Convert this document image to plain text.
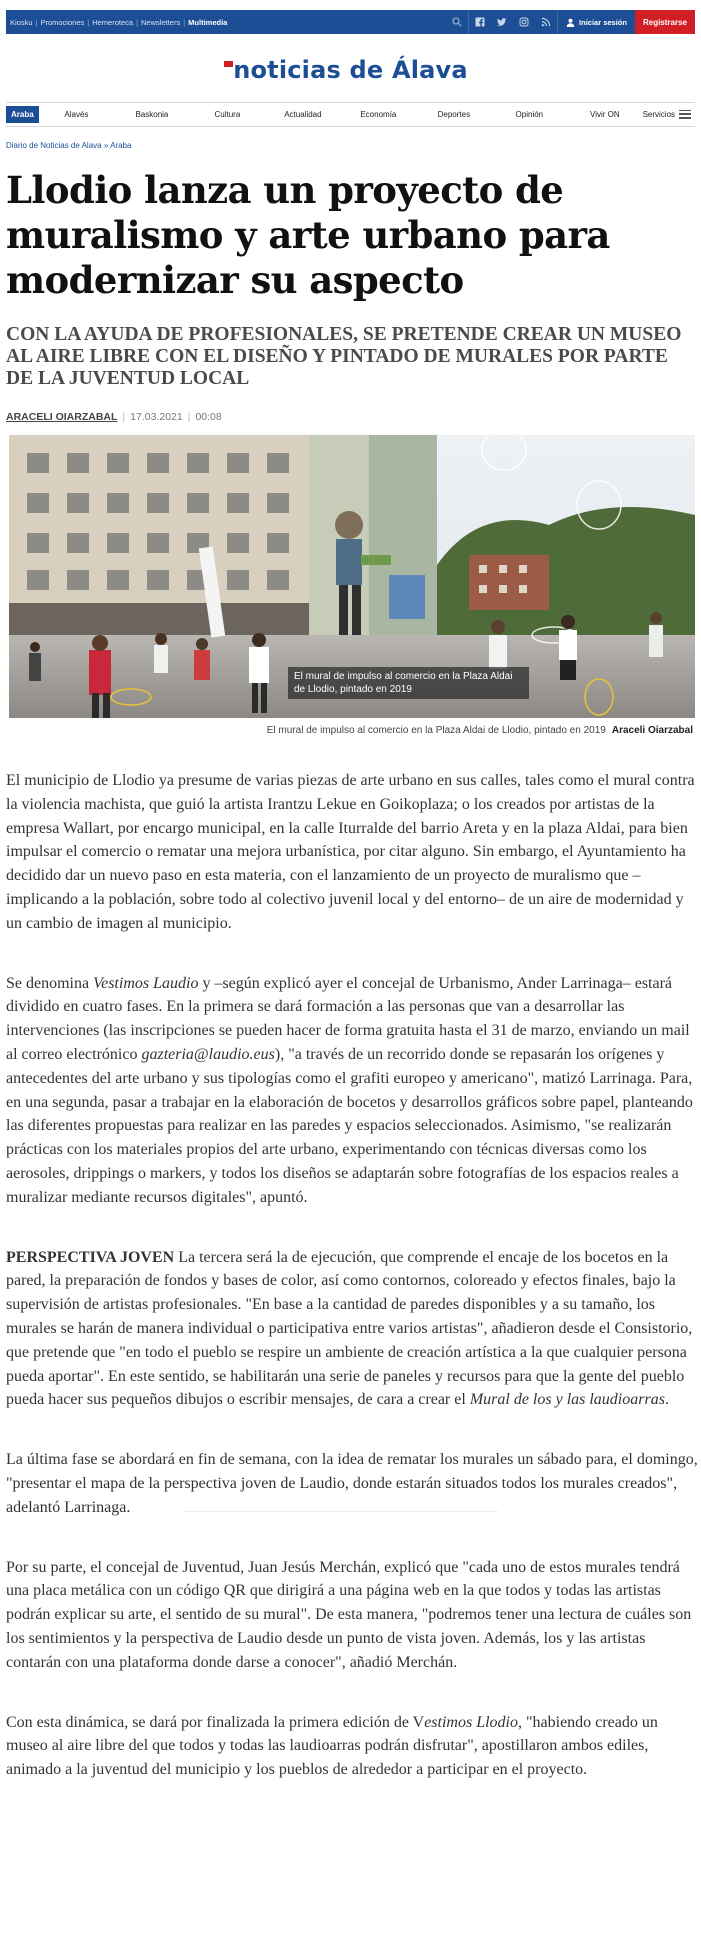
Kiosku | Promociones | Hemeroteca | Newsletters | Multimedia	Iniciar sesión	Registrarse
noticias de Álava
Araba	Alavés	Baskonia	Cultura	Actualidad	Economía	Deportes	Opinión	Vivir ON	Servicios
Diario de Noticias de Alava » Araba
Llodio lanza un proyecto de muralismo y arte urbano para modernizar su aspecto
CON LA AYUDA DE PROFESIONALES, SE PRETENDE CREAR UN MUSEO AL AIRE LIBRE CON EL DISEÑO Y PINTADO DE MURALES POR PARTE DE LA JUVENTUD LOCAL
ARACELI OIARZABAL | 17.03.2021 | 00:08
El mural de impulso al comercio en la Plaza Aldai de Llodio, pintado en 2019
El mural de impulso al comercio en la Plaza Aldai de Llodio, pintado en 2019 Araceli Oiarzabal

El municipio de Llodio ya presume de varias piezas de arte urbano en sus calles, tales como el mural contra la violencia machista, que guió la artista Irantzu Lekue en Goikoplaza; o los creados por artistas de la empresa Wallart, por encargo municipal, en la calle Iturralde del barrio Areta y en la plaza Aldai, para bien impulsar el comercio o rematar una mejora urbanística, por citar alguno. Sin embargo, el Ayuntamiento ha decidido dar un nuevo paso en esta materia, con el lanzamiento de un proyecto de muralismo que –implicando a la población, sobre todo al colectivo juvenil local y del entorno– de un aire de modernidad y un cambio de imagen al municipio.

Se denomina Vestimos Laudio y –según explicó ayer el concejal de Urbanismo, Ander Larrinaga– estará dividido en cuatro fases. En la primera se dará formación a las personas que van a desarrollar las intervenciones (las inscripciones se pueden hacer de forma gratuita hasta el 31 de marzo, enviando un mail al correo electrónico gazteria@laudio.eus), "a través de un recorrido donde se repasarán los orígenes y antecedentes del arte urbano y sus tipologías como el grafiti europeo y americano", matizó Larrinaga. Para, en una segunda, pasar a trabajar en la elaboración de bocetos y desarrollos gráficos sobre papel, planteando las diferentes propuestas para realizar en las paredes y espacios seleccionados. Asimismo, "se realizarán prácticas con los materiales propios del arte urbano, experimentando con técnicas diversas como los aerosoles, drippings o markers, y todos los diseños se adaptarán sobre fotografías de los espacios reales a muralizar mediante recursos digitales", apuntó.

PERSPECTIVA JOVEN La tercera será la de ejecución, que comprende el encaje de los bocetos en la pared, la preparación de fondos y bases de color, así como contornos, coloreado y efectos finales, bajo la supervisión de artistas profesionales. "En base a la cantidad de paredes disponibles y a su tamaño, los murales se harán de manera individual o participativa entre varios artistas", añadieron desde el Consistorio, que pretende que "en todo el pueblo se respire un ambiente de creación artística a la que cualquier persona pueda aportar". En este sentido, se habilitarán una serie de paneles y recursos para que la gente del pueblo pueda hacer sus pequeños dibujos o escribir mensajes, de cara a crear el Mural de los y las laudioarras.

La última fase se abordará en fin de semana, con la idea de rematar los murales un sábado para, el domingo, "presentar el mapa de la perspectiva joven de Laudio, donde estarán situados todos los murales creados", adelantó Larrinaga.

Por su parte, el concejal de Juventud, Juan Jesús Merchán, explicó que "cada uno de estos murales tendrá una placa metálica con un código QR que dirigirá a una página web en la que todos y todas las artistas podrán explicar su arte, el sentido de su mural". De esta manera, "podremos tener una lectura de cuáles son los sentimientos y la perspectiva de Laudio desde un punto de vista joven. Además, los y las artistas contarán con una plataforma donde darse a conocer", añadió Merchán.

Con esta dinámica, se dará por finalizada la primera edición de Vestimos Llodio, "habiendo creado un museo al aire libre del que todos y todas las laudioarras podrán disfrutar", apostillaron ambos ediles, animado a la juventud del municipio y los pueblos de alrededor a participar en el proyecto.
